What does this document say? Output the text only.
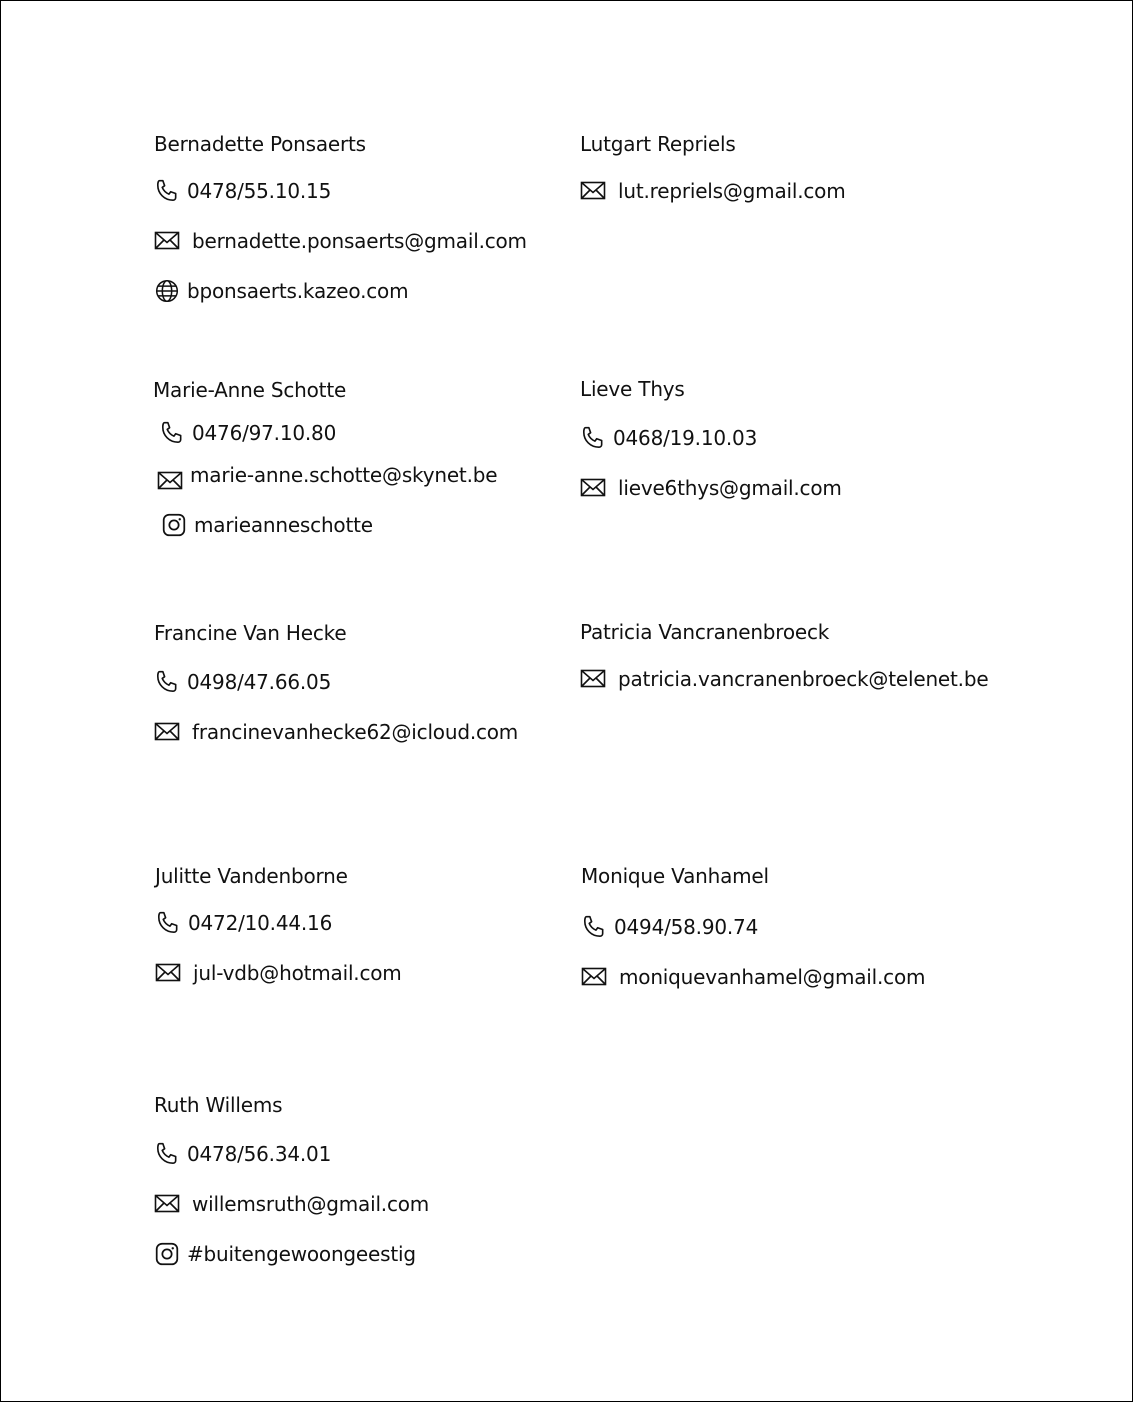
Bernadette Ponsaerts
0478/55.10.15
bernadette.ponsaerts@gmail.com
bponsaerts.kazeo.com
Lutgart Repriels
lut.repriels@gmail.com
Marie-Anne Schotte
0476/97.10.80
marie-anne.schotte@skynet.be
marieanneschotte
Lieve Thys
0468/19.10.03
lieve6thys@gmail.com
Francine Van Hecke
0498/47.66.05
francinevanhecke62@icloud.com
Patricia Vancranenbroeck
patricia.vancranenbroeck@telenet.be
Julitte Vandenborne
0472/10.44.16
jul-vdb@hotmail.com
Monique Vanhamel
0494/58.90.74
moniquevanhamel@gmail.com
Ruth Willems
0478/56.34.01
willemsruth@gmail.com
#buitengewoongeestig
